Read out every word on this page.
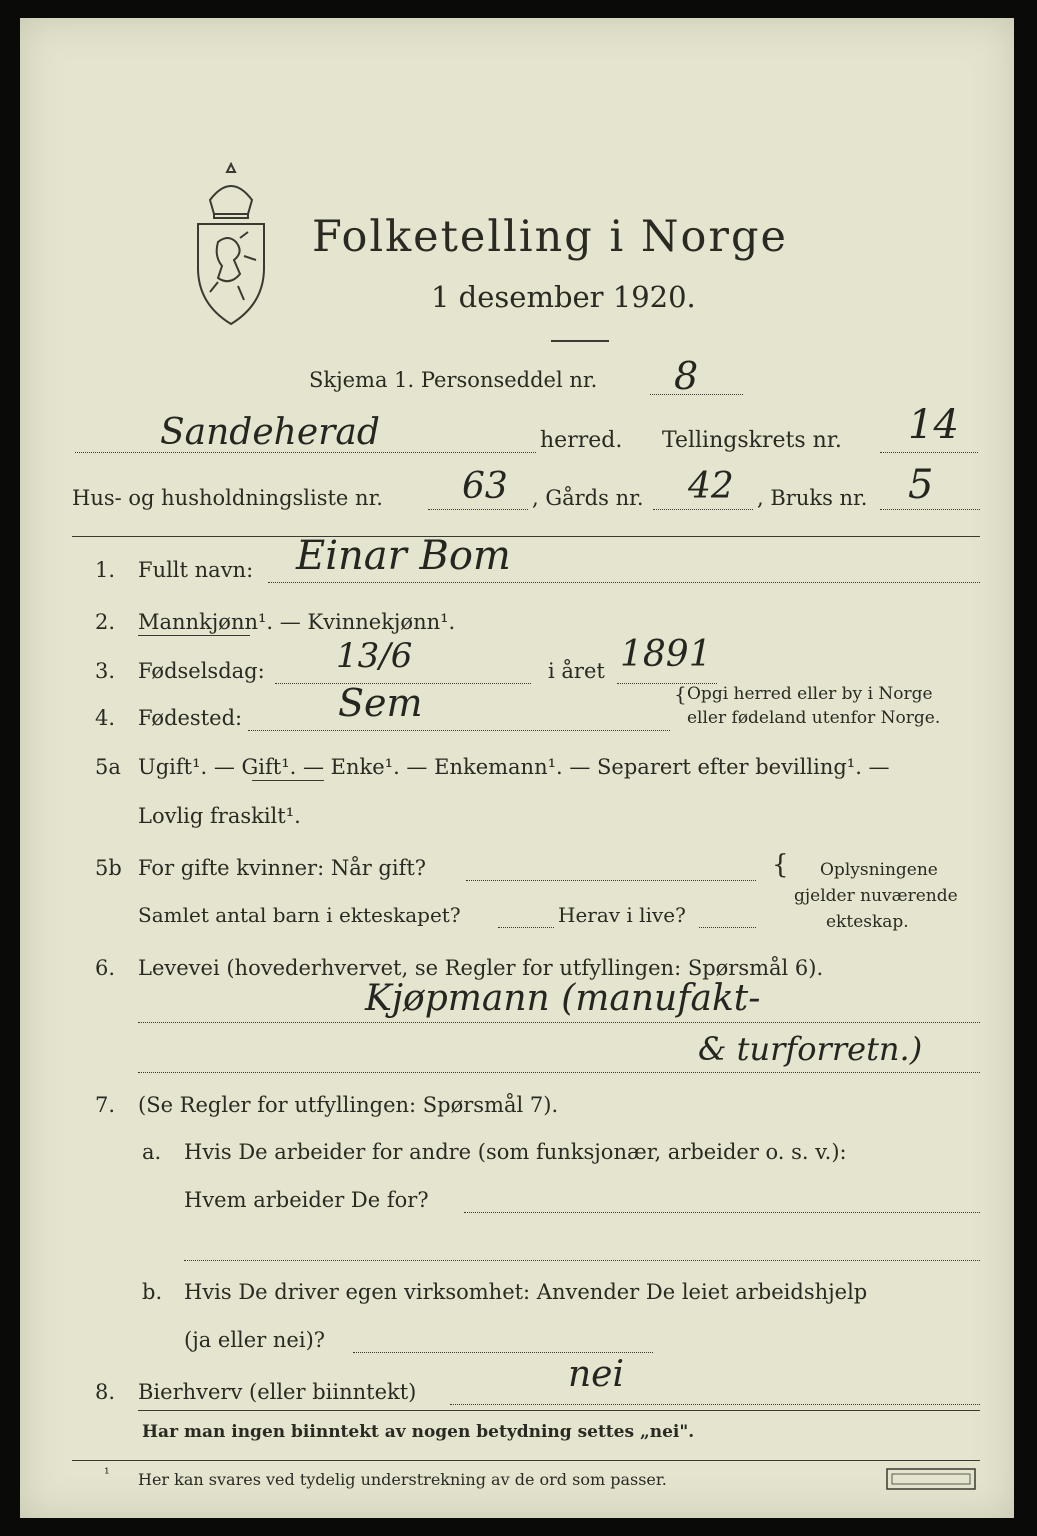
Folketelling i Norge
1 desember 1920.
Skjema 1. Personseddel nr. 8
Sandeherad	herred. Tellingskrets nr. 14
Hus- og husholdningsliste nr. 63 , Gårds nr. 42 , Bruks nr. 5
1. Fullt navn: Einar Bom
2. Mannkjønn¹. — Kvinnekjønn¹.
3. Fødselsdag: 13/6	i året 1891
4. Fødested:	Sem	{ Opgi herred eller by i Norge
eller fødeland utenfor Norge.
5a Ugift¹. — Gift¹. — Enke¹. — Enkemann¹. — Separert efter bevilling¹. —
Lovlig fraskilt¹.
5b For gifte kvinner: Når gift?
Samlet antal barn i ekteskapet?	Herav i live?
{
Oplysningene
gjelder nuværende
ekteskap.
6. Levevei (hovederhvervet, se Regler for utfyllingen: Spørsmål 6).
Kjøpmann (manufakt-
& turforretn.)
7. (Se Regler for utfyllingen: Spørsmål 7).
a. Hvis De arbeider for andre (som funksjonær, arbeider o. s. v.):
Hvem arbeider De for?
b. Hvis De driver egen virksomhet: Anvender De leiet arbeidshjelp
(ja eller nei)?
8. Bierhverv (eller biinntekt)	nei
Har man ingen biinntekt av nogen betydning settes „nei".
¹ Her kan svares ved tydelig understrekning av de ord som passer.
